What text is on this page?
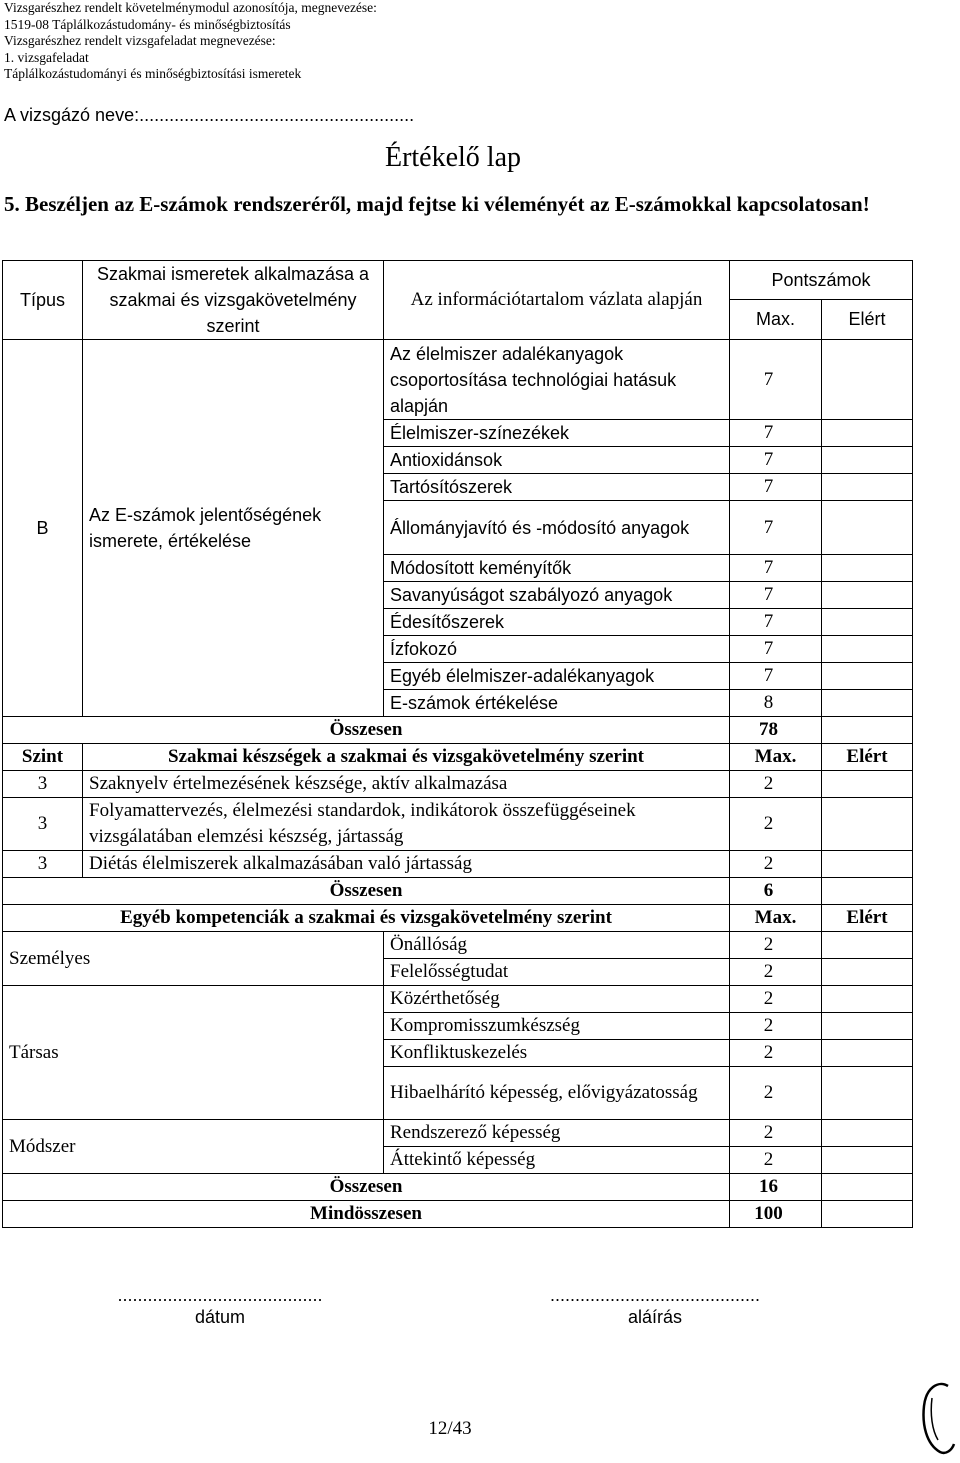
Vizsgarészhez rendelt követelménymodul azonosítója, megnevezése:
1519-08 Táplálkozástudomány- és minőségbiztosítás
Vizsgarészhez rendelt vizsgafeladat megnevezése:
1. vizsgafeladat
Táplálkozástudományi és minőségbiztosítási ismeretek
A vizsgázó neve:.......................................................
Értékelő lap
5. Beszéljen az E-számok rendszeréről, majd fejtse ki véleményét az E-számokkal kapcsolatosan!
Típus	Szakmai ismeretek alkalmazása a szakmai és vizsgakövetelmény szerint	Az információtartalom vázlata alapján	Pontszámok	
			Max.	Elért
B	Az E-számok jelentőségének ismerete, értékelése	Az élelmiszer adalékanyagok csoportosítása technológiai hatásuk alapján	7	
		Élelmiszer-színezékek	7	
		Antioxidánsok	7	
		Tartósítószerek	7	
		Állományjavító és -módosító anyagok	7	
		Módosított keményítők	7	
		Savanyúságot szabályozó anyagok	7	
		Édesítőszerek	7	
		Ízfokozó	7	
		Egyéb élelmiszer-adalékanyagok	7	
		E-számok értékelése	8	
Összesen			78	
Szint	Szakmai készségek a szakmai és vizsgakövetelmény szerint		Max.	Elért
3	Szaknyelv értelmezésének készsége, aktív alkalmazása		2	
3	Folyamattervezés, élelmezési standardok, indikátorok összefüggéseinek vizsgálatában elemzési készség, jártasság		2	
3	Diétás élelmiszerek alkalmazásában való jártasság		2	
Összesen			6	
Egyéb kompetenciák a szakmai és vizsgakövetelmény szerint			Max.	Elért
Személyes		Önállóság	2	
		Felelősségtudat	2	
Társas		Közérthetőség	2	
		Kompromisszumkészség	2	
		Konfliktuskezelés	2	
		Hibaelhárító képesség, elővigyázatosság	2	
Módszer		Rendszerező képesség	2	
		Áttekintő képesség	2	
Összesen			16	
Mindösszesen			100	
.........................................
dátum
..........................................
aláírás
12/43
